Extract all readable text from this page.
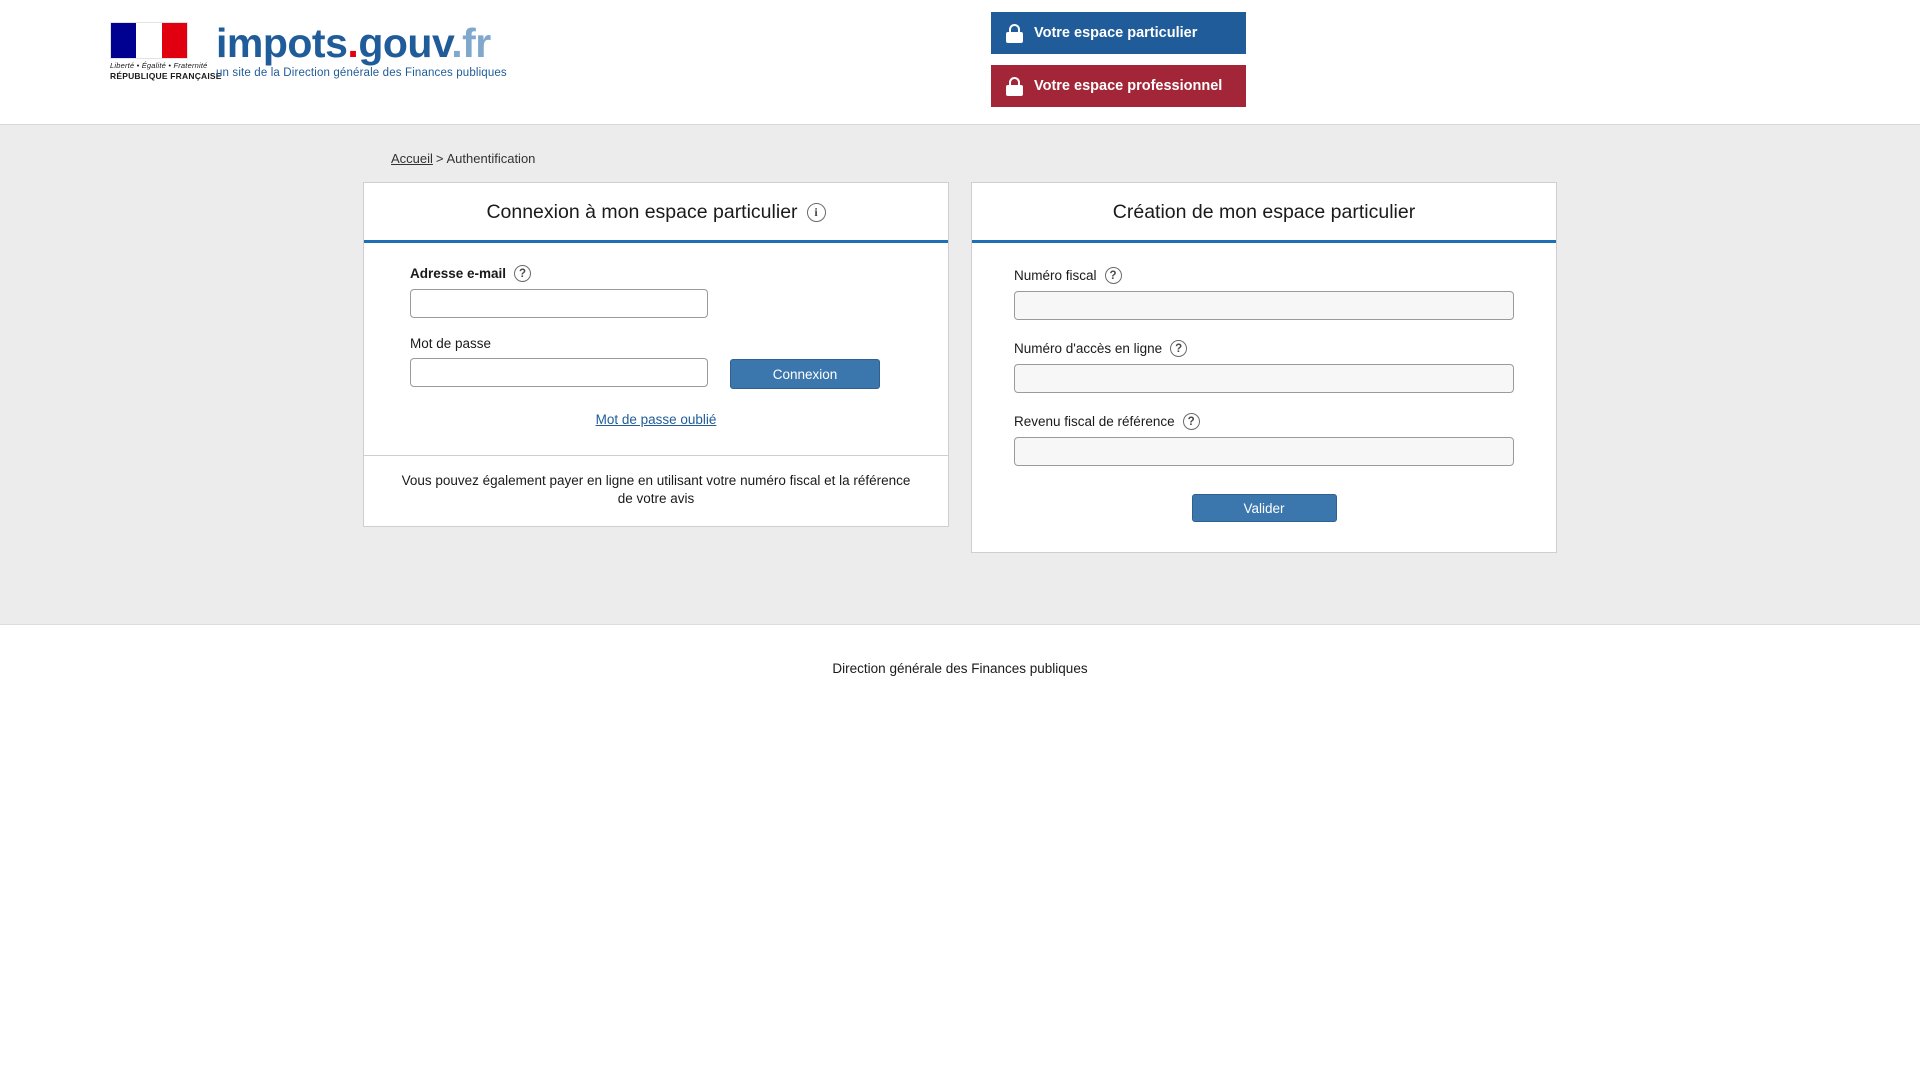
Liberté • Égalité • Fraternité
RÉPUBLIQUE FRANÇAISE
impots.gouv.fr
un site de la Direction générale des Finances publiques
Votre espace particulier
Votre espace professionnel
Accueil > Authentification
Connexion à mon espace particulier	i
Adresse e-mail	?
Mot de passe
Connexion
Mot de passe oublié
Vous pouvez également payer en ligne en utilisant votre numéro fiscal et la référence de votre avis
Création de mon espace particulier
Numéro fiscal	?
Numéro d'accès en ligne	?
Revenu fiscal de référence	?
Valider
Direction générale des Finances publiques
